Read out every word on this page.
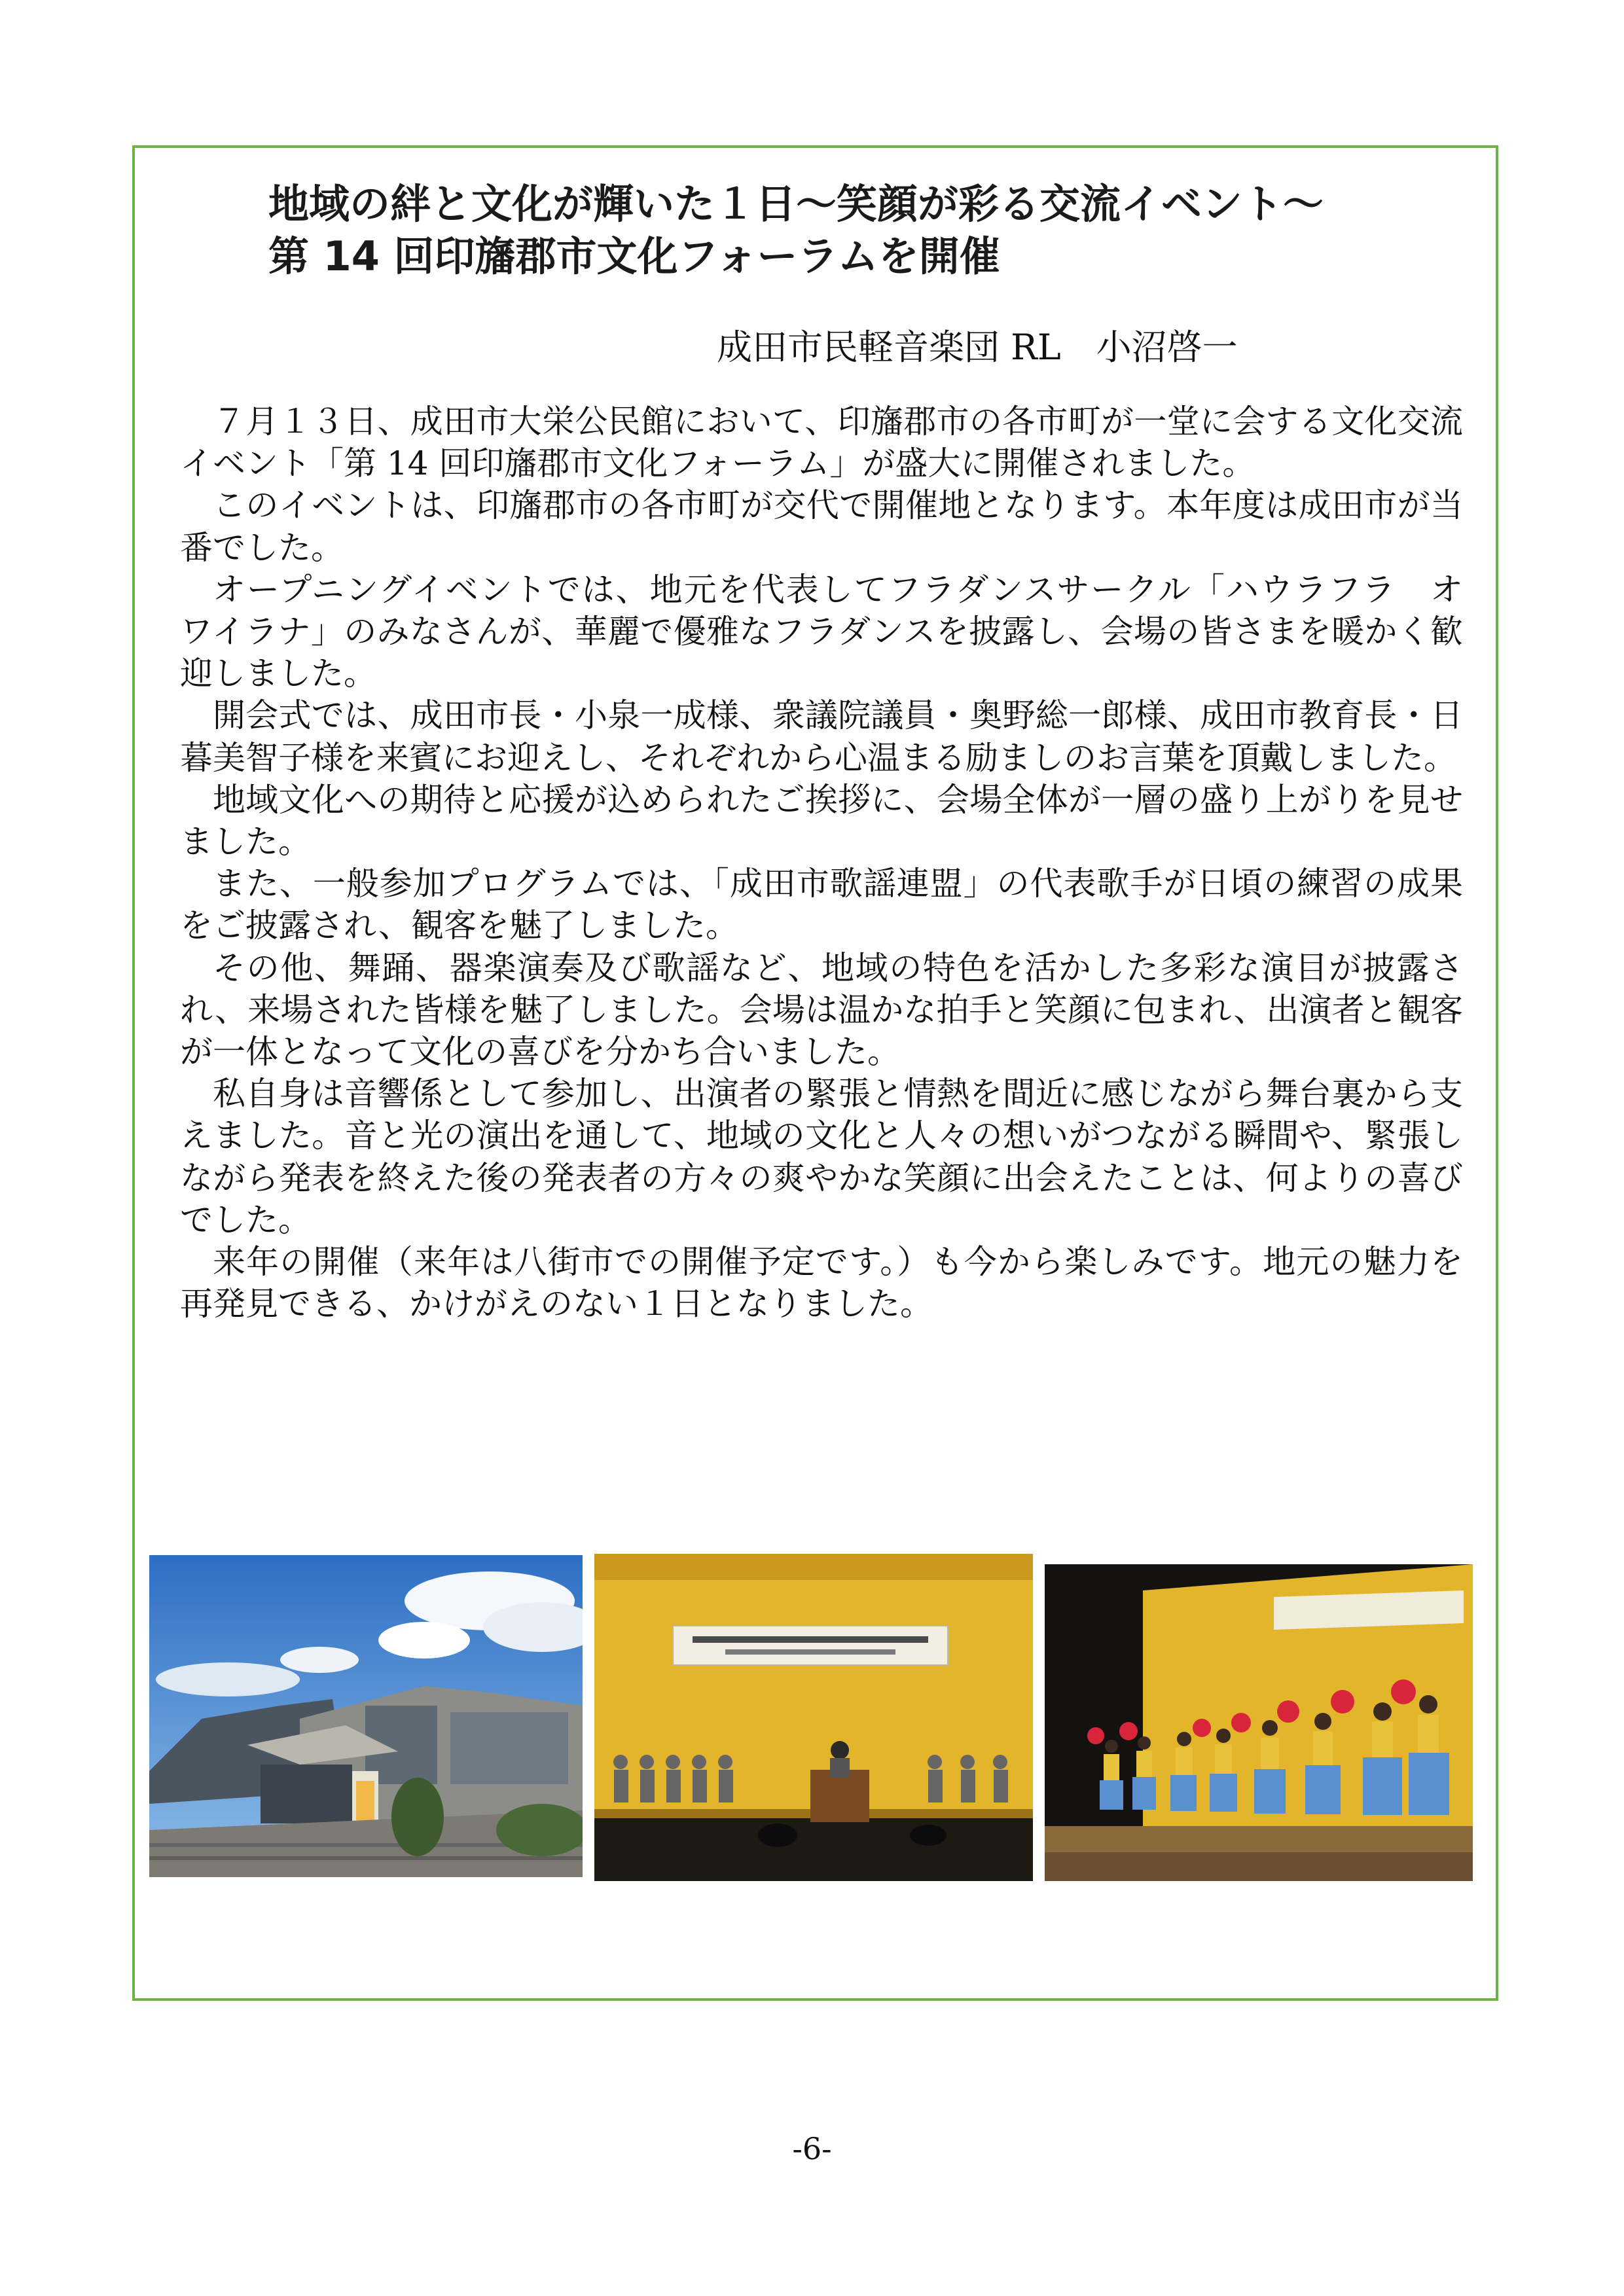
地域の絆と文化が輝いた１日〜笑顔が彩る交流イベント〜
第 14 回印旛郡市文化フォーラムを開催
成田市民軽音楽団 RL　小沼啓一

７月１３日、成田市大栄公民館において、印旛郡市の各市町が一堂に会する文化交流イベント「第 14 回印旛郡市文化フォーラム」が盛大に開催されました。

このイベントは、印旛郡市の各市町が交代で開催地となります。本年度は成田市が当番でした。

オープニングイベントでは、地元を代表してフラダンスサークル「ハウラフラ　オ　ワイラナ」のみなさんが、華麗で優雅なフラダンスを披露し、会場の皆さまを暖かく歓迎しました。

開会式では、成田市長・小泉一成様、衆議院議員・奥野総一郎様、成田市教育長・日暮美智子様を来賓にお迎えし、それぞれから心温まる励ましのお言葉を頂戴しました。

地域文化への期待と応援が込められたご挨拶に、会場全体が一層の盛り上がりを見せました。

また、一般参加プログラムでは、「成田市歌謡連盟」の代表歌手が日頃の練習の成果をご披露され、観客を魅了しました。

その他、舞踊、器楽演奏及び歌謡など、地域の特色を活かした多彩な演目が披露され、来場された皆様を魅了しました。会場は温かな拍手と笑顔に包まれ、出演者と観客が一体となって文化の喜びを分かち合いました。

私自身は音響係として参加し、出演者の緊張と情熱を間近に感じながら舞台裏から支えました。音と光の演出を通して、地域の文化と人々の想いがつながる瞬間や、緊張しながら発表を終えた後の発表者の方々の爽やかな笑顔に出会えたことは、何よりの喜びでした。

来年の開催（来年は八街市での開催予定です。）も今から楽しみです。地元の魅力を再発見できる、かけがえのない１日となりました。

-6-
